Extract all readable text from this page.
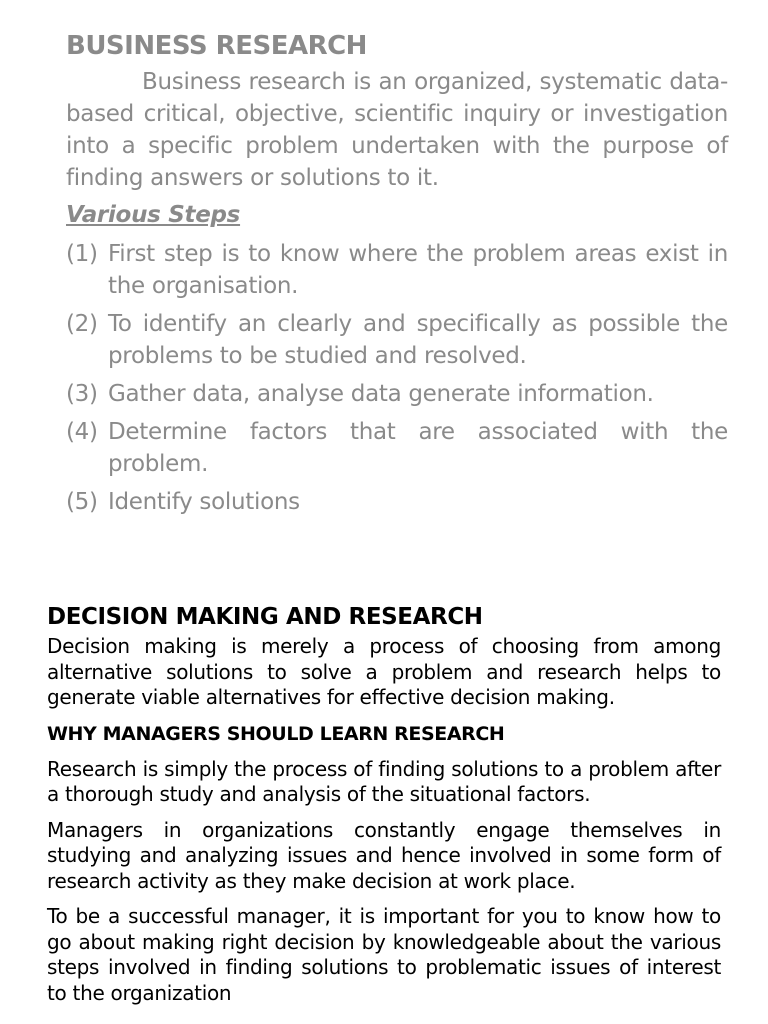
BUSINESS RESEARCH

Business research is an organized, systematic data-based critical, objective, scientific inquiry or investigation into a specific problem undertaken with the purpose of finding answers or solutions to it.

Various Steps

(1) First step is to know where the problem areas exist in the organisation.
(2) To identify an clearly and specifically as possible the problems to be studied and resolved.
(3) Gather data, analyse data generate information.
(4) Determine factors that are associated with the problem.
(5) Identify solutions
DECISION MAKING AND RESEARCH

Decision making is merely a process of choosing from among alternative solutions to solve a problem and research helps to generate viable alternatives for effective decision making.

WHY MANAGERS SHOULD LEARN RESEARCH

Research is simply the process of finding solutions to a problem after a thorough study and analysis of the situational factors.

Managers in organizations constantly engage themselves in studying and analyzing issues and hence involved in some form of research activity as they make decision at work place.

To be a successful manager, it is important for you to know how to go about making right decision by knowledgeable about the various steps involved in finding solutions to problematic issues of interest to the organization
